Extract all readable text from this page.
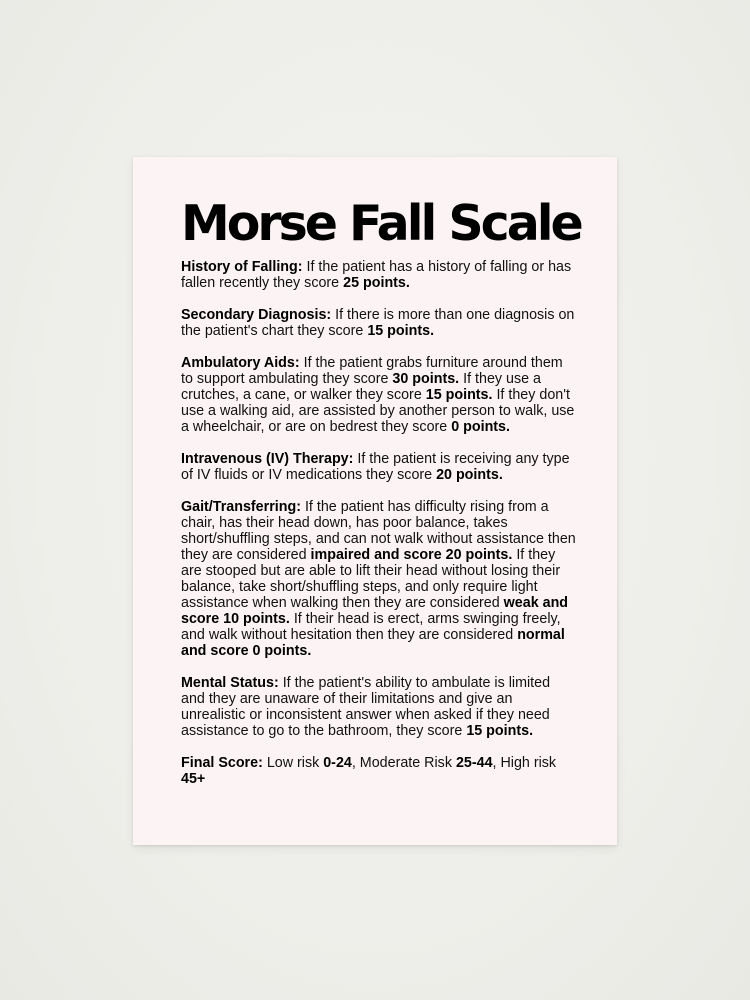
Morse Fall Scale

History of Falling: If the patient has a history of falling or has fallen recently they score 25 points.

Secondary Diagnosis: If there is more than one diagnosis on the patient's chart they score 15 points.

Ambulatory Aids: If the patient grabs furniture around them to support ambulating they score 30 points. If they use a crutches, a cane, or walker they score 15 points. If they don't use a walking aid, are assisted by another person to walk, use a wheelchair, or are on bedrest they score 0 points.

Intravenous (IV) Therapy: If the patient is receiving any type of IV fluids or IV medications they score 20 points.

Gait/Transferring: If the patient has difficulty rising from a chair, has their head down, has poor balance, takes short/shuffling steps, and can not walk without assistance then they are considered impaired and score 20 points. If they are stooped but are able to lift their head without losing their balance, take short/shuffling steps, and only require light assistance when walking then they are considered weak and score 10 points. If their head is erect, arms swinging freely, and walk without hesitation then they are considered normal and score 0 points.

Mental Status: If the patient's ability to ambulate is limited and they are unaware of their limitations and give an unrealistic or inconsistent answer when asked if they need assistance to go to the bathroom, they score 15 points.

Final Score: Low risk 0-24, Moderate Risk 25-44, High risk 45+
